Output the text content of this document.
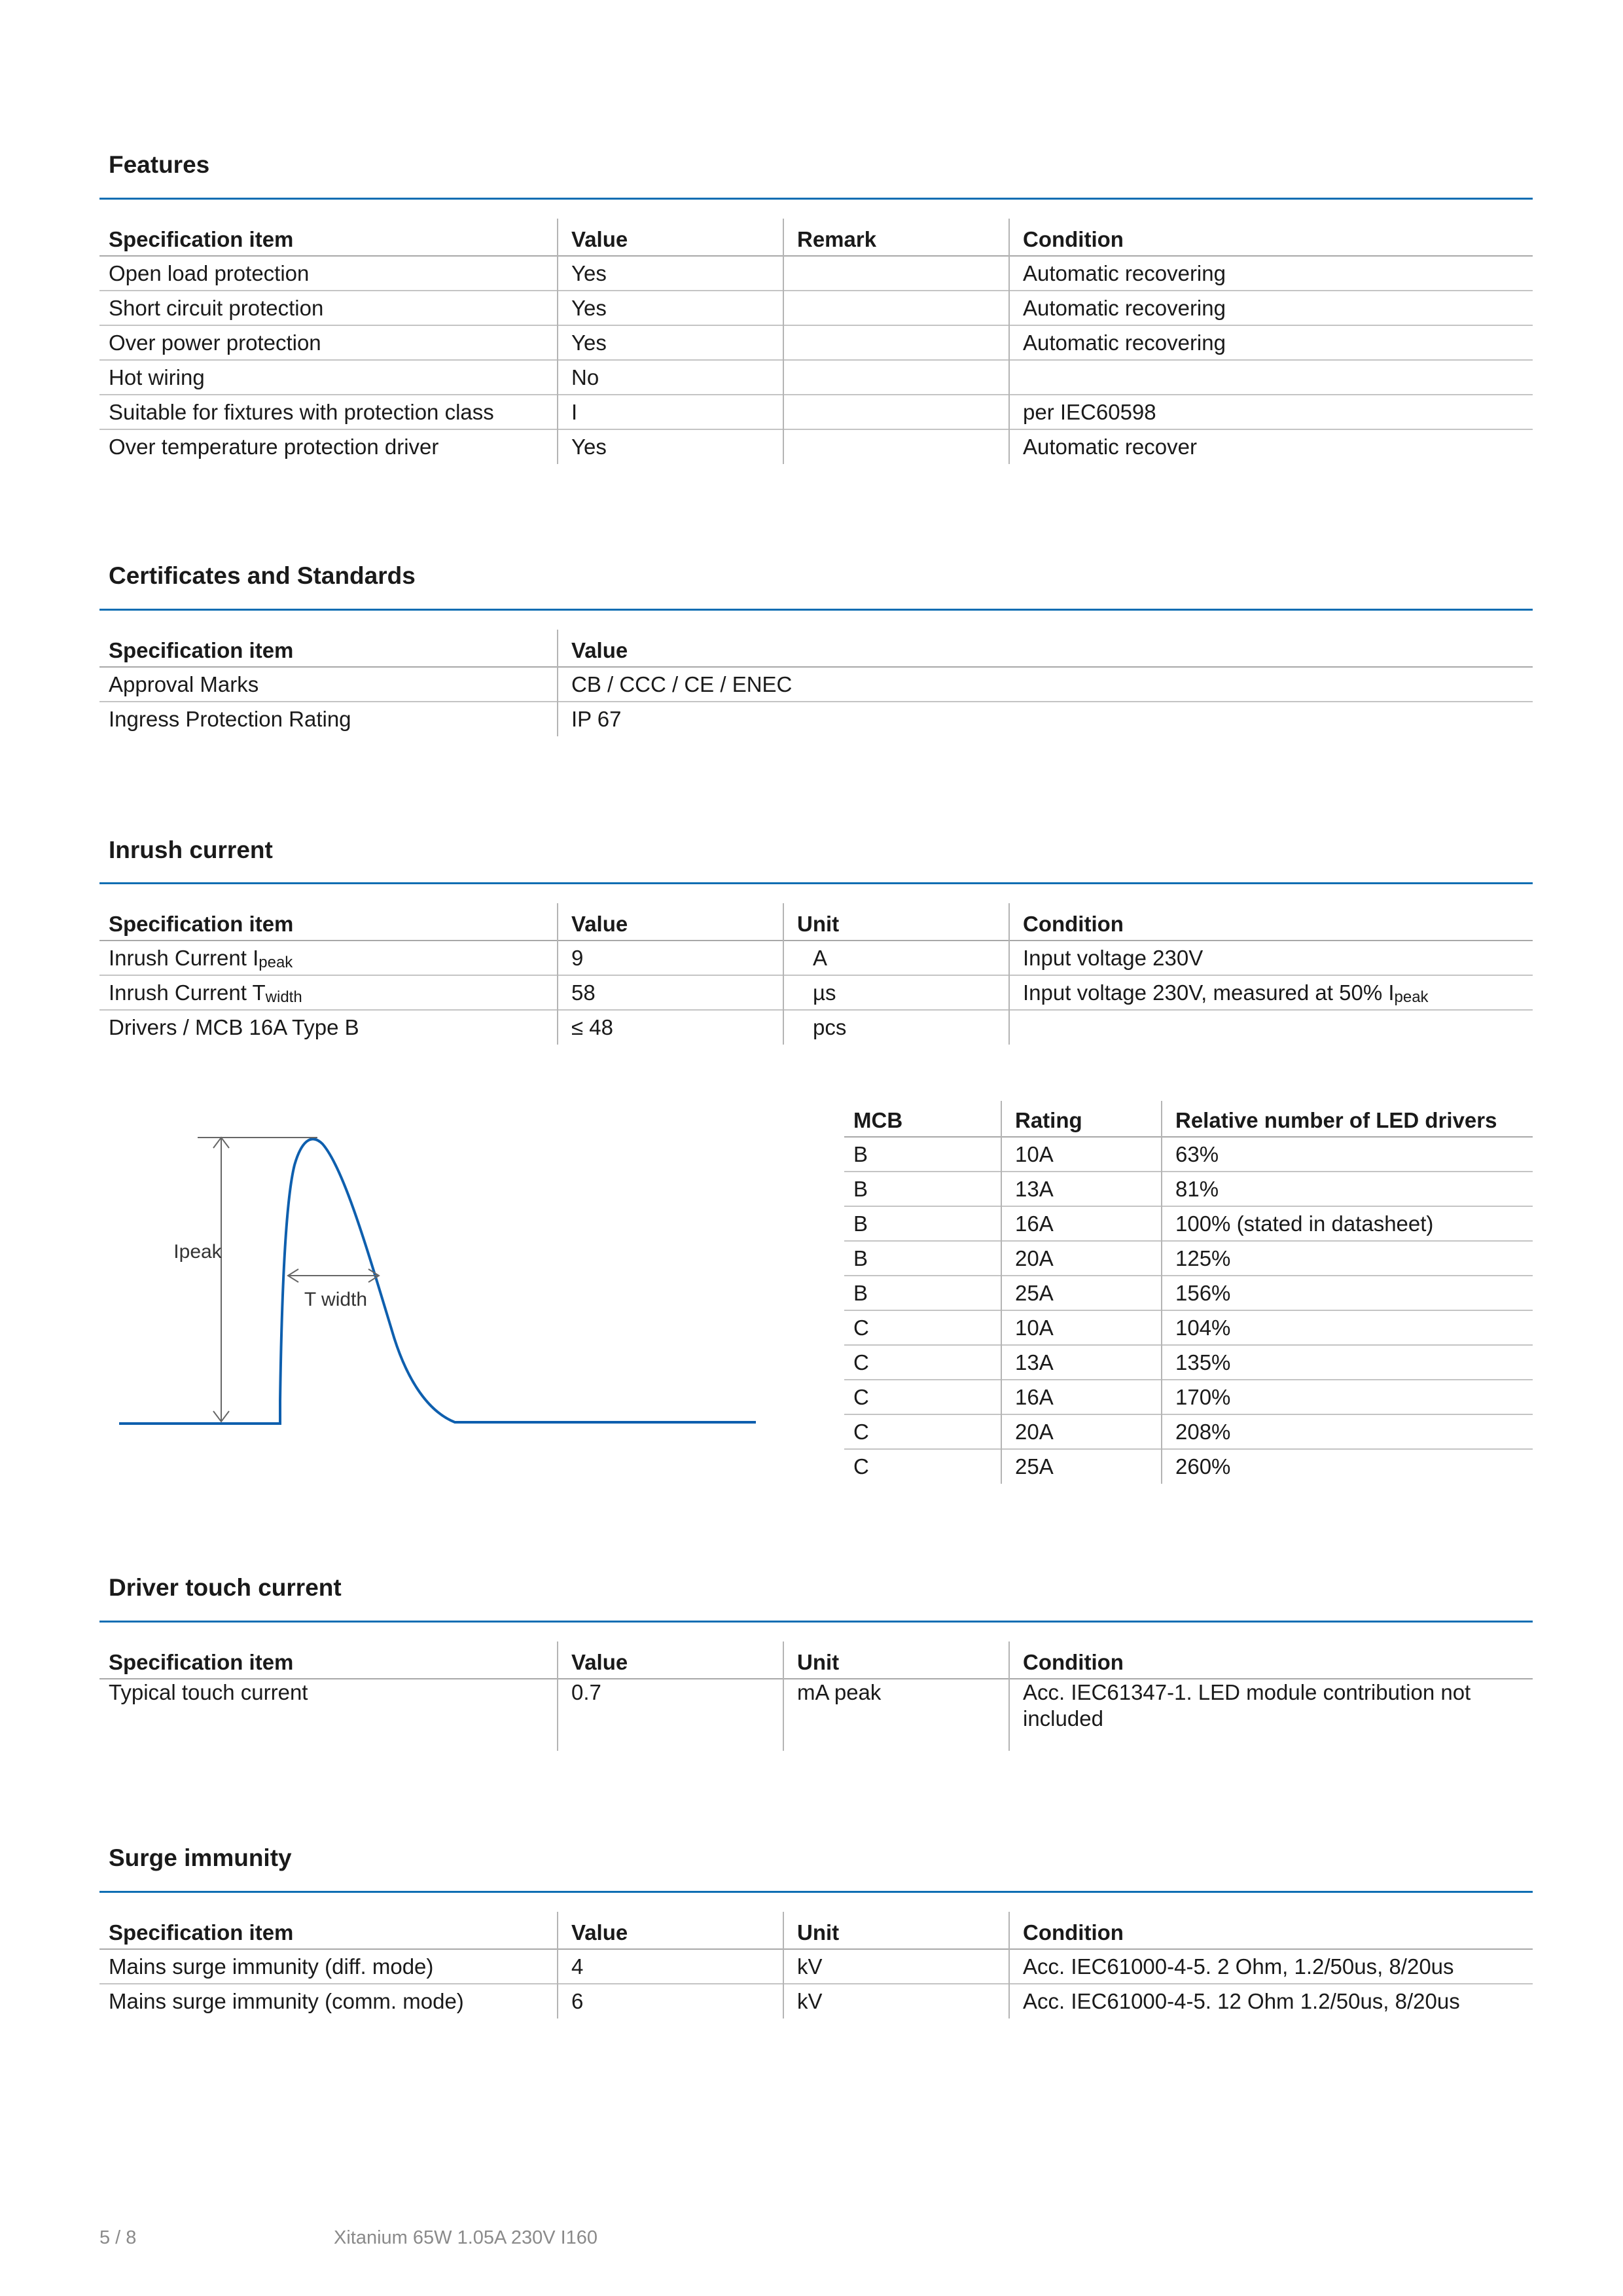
Features
Specification item	Value	Remark	Condition
Open load protection	Yes		Automatic recovering
Short circuit protection	Yes		Automatic recovering
Over power protection	Yes		Automatic recovering
Hot wiring	No		
Suitable for fixtures with protection class	I		per IEC60598
Over temperature protection driver	Yes		Automatic recover
Certificates and Standards
Specification item	Value
Approval Marks	CB / CCC / CE / ENEC
Ingress Protection Rating	IP 67
Inrush current
Specification item	Value	Unit	Condition
Inrush Current $I_{peak}$	9	A	Input voltage 230V
Inrush Current $T_{width}$	58	µs	Input voltage 230V, measured at 50% $I_{peak}$
Drivers / MCB 16A Type B	≤ 48	pcs	
Ipeak
T width
MCB	Rating	Relative number of LED drivers
B	10A	63%
B	13A	81%
B	16A	100% (stated in datasheet)
B	20A	125%
B	25A	156%
C	10A	104%
C	13A	135%
C	16A	170%
C	20A	208%
C	25A	260%
Driver touch current
Specification item	Value	Unit	Condition
Typical touch current	0.7	mA peak	Acc. IEC61347-1. LED module contribution not included
Surge immunity
Specification item	Value	Unit	Condition
Mains surge immunity (diff. mode)	4	kV	Acc. IEC61000-4-5. 2 Ohm, 1.2/50us, 8/20us
Mains surge immunity (comm. mode)	6	kV	Acc. IEC61000-4-5. 12 Ohm 1.2/50us, 8/20us
5 / 8	Xitanium 65W 1.05A 230V I160
